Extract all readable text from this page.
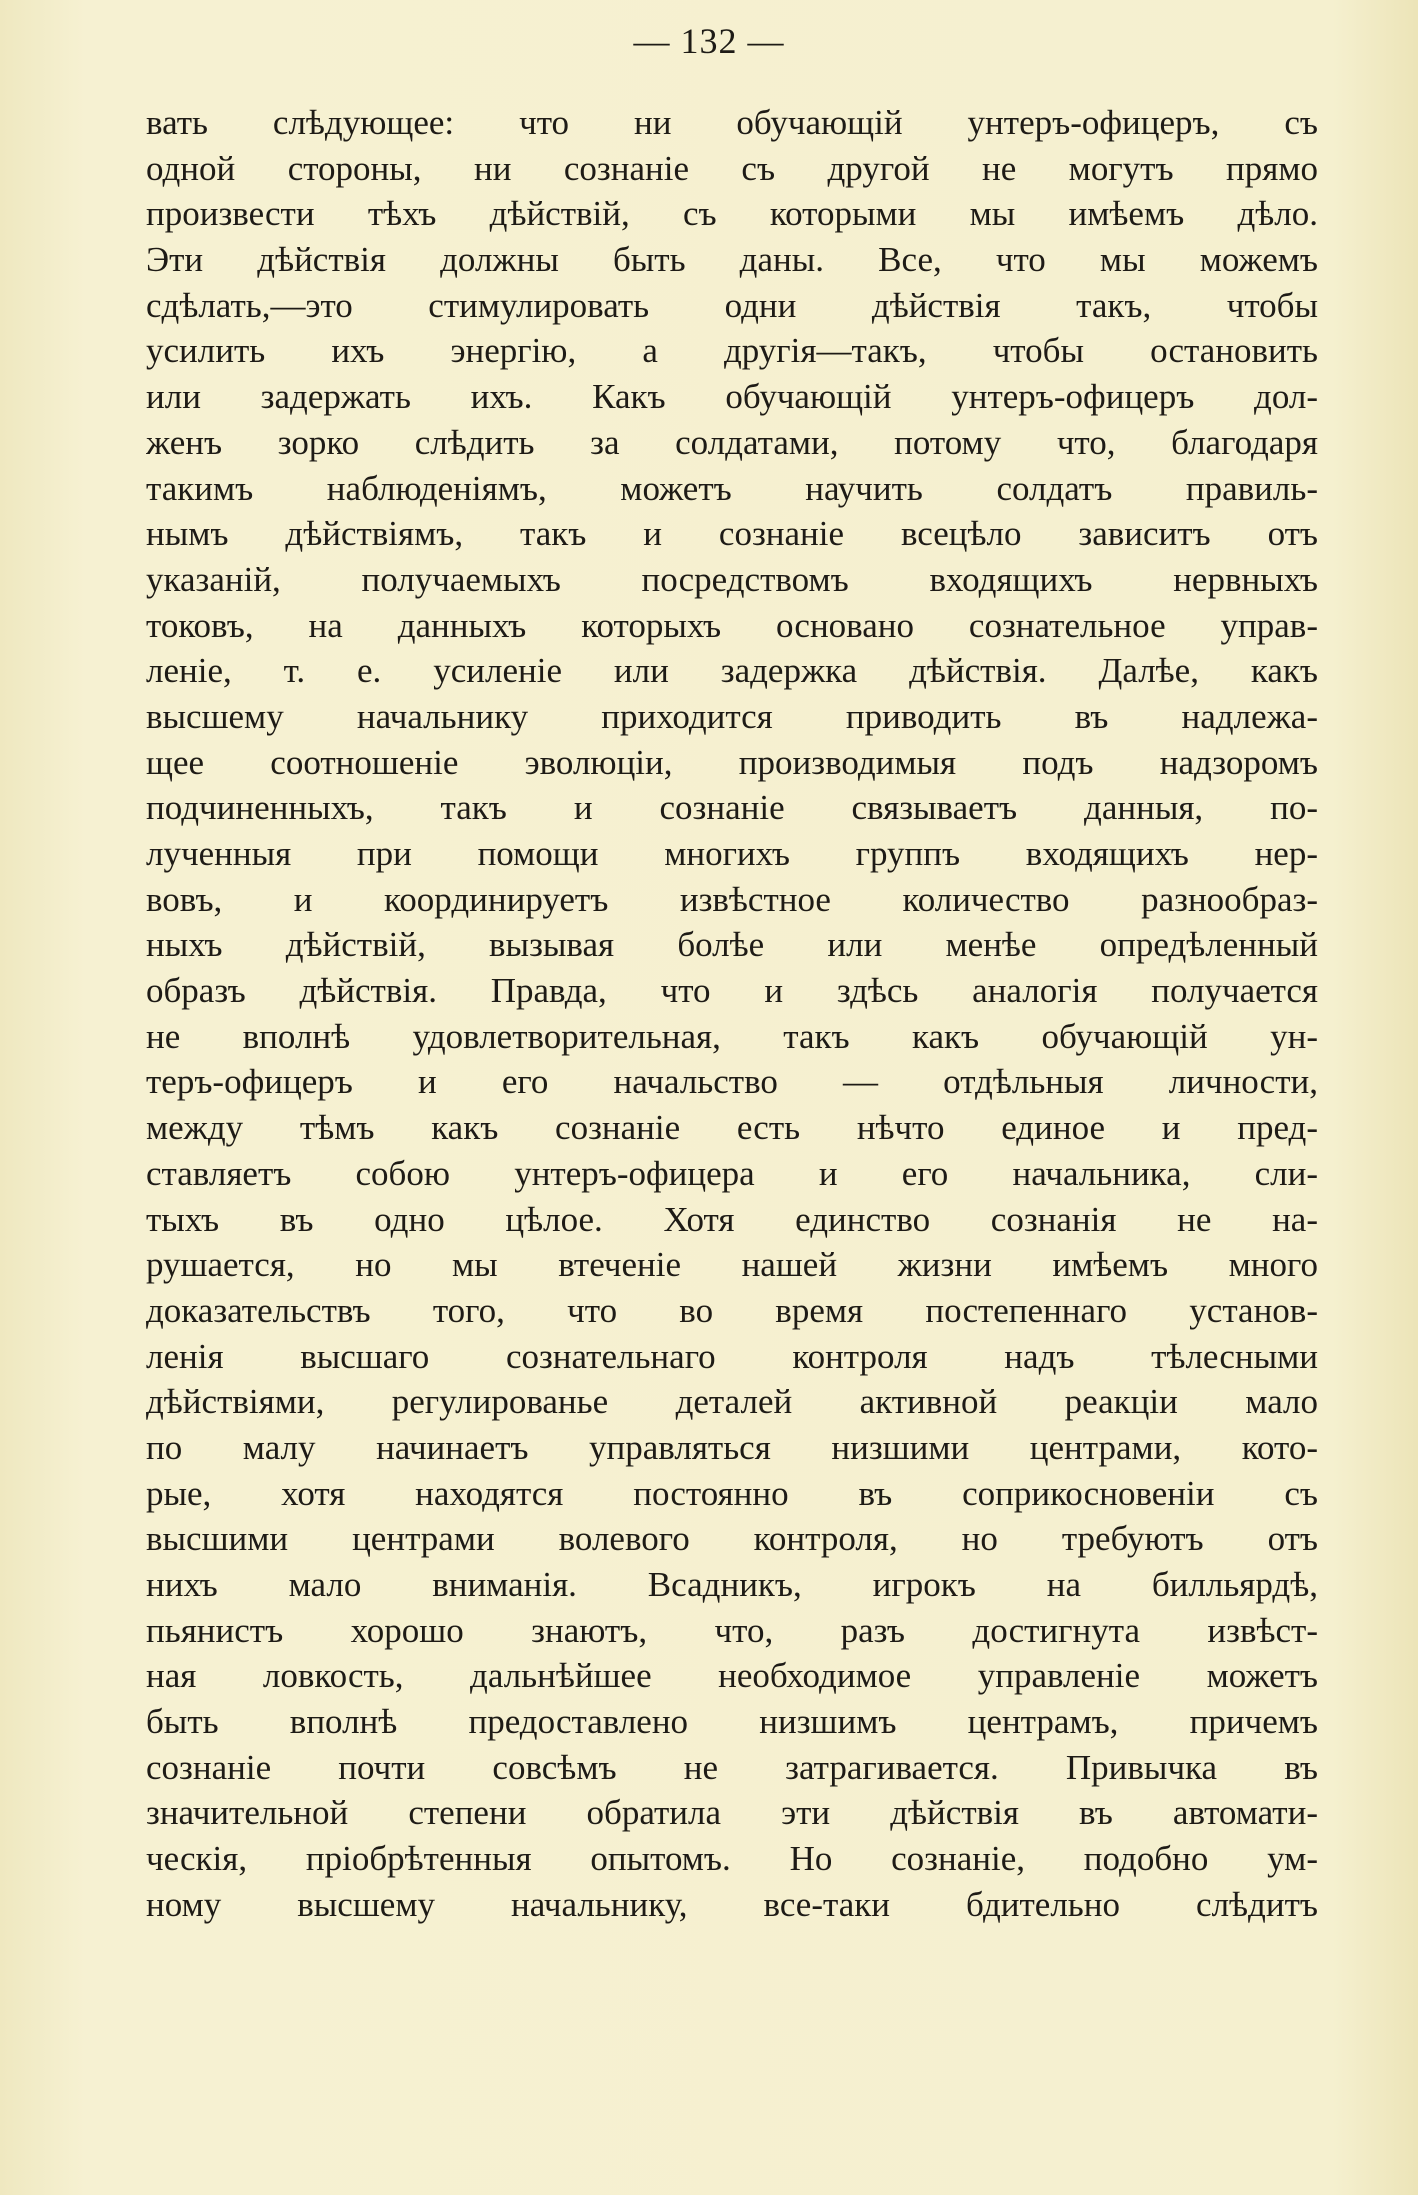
— 132 —
вать слѣдующее: что ни обучающій унтеръ-офицеръ, съ
одной стороны, ни сознаніе съ другой не могутъ прямо
произвести тѣхъ дѣйствій, съ которыми мы имѣемъ дѣло.
Эти дѣйствія должны быть даны. Все, что мы можемъ
сдѣлать,—это стимулировать одни дѣйствія такъ, чтобы
усилить ихъ энергію, а другія—такъ, чтобы остановить
или задержать ихъ. Какъ обучающій унтеръ-офицеръ дол-
женъ зорко слѣдить за солдатами, потому что, благодаря
такимъ наблюденіямъ, можетъ научить солдатъ правиль-
нымъ дѣйствіямъ, такъ и сознаніе всецѣло зависитъ отъ
указаній, получаемыхъ посредствомъ входящихъ нервныхъ
токовъ, на данныхъ которыхъ основано сознательное управ-
леніе, т. е. усиленіе или задержка дѣйствія. Далѣе, какъ
высшему начальнику приходится приводить въ надлежа-
щее соотношеніе эволюціи, производимыя подъ надзоромъ
подчиненныхъ, такъ и сознаніе связываетъ данныя, по-
лученныя при помощи многихъ группъ входящихъ нер-
вовъ, и координируетъ извѣстное количество разнообраз-
ныхъ дѣйствій, вызывая болѣе или менѣе опредѣленный
образъ дѣйствія. Правда, что и здѣсь аналогія получается
не вполнѣ удовлетворительная, такъ какъ обучающій ун-
теръ-офицеръ и его начальство — отдѣльныя личности,
между тѣмъ какъ сознаніе есть нѣчто единое и пред-
ставляетъ собою унтеръ-офицера и его начальника, сли-
тыхъ въ одно цѣлое. Хотя единство сознанія не на-
рушается, но мы втеченіе нашей жизни имѣемъ много
доказательствъ того, что во время постепеннаго установ-
ленія высшаго сознательнаго контроля надъ тѣлесными
дѣйствіями, регулированье деталей активной реакціи мало
по малу начинаетъ управляться низшими центрами, кото-
рые, хотя находятся постоянно въ соприкосновеніи съ
высшими центрами волевого контроля, но требуютъ отъ
нихъ мало вниманія. Всадникъ, игрокъ на билльярдѣ,
пьянистъ хорошо знаютъ, что, разъ достигнута извѣст-
ная ловкость, дальнѣйшее необходимое управленіе можетъ
быть вполнѣ предоставлено низшимъ центрамъ, причемъ
сознаніе почти совсѣмъ не затрагивается. Привычка въ
значительной степени обратила эти дѣйствія въ автомати-
ческія, пріобрѣтенныя опытомъ. Но сознаніе, подобно ум-
ному высшему начальнику, все-таки бдительно слѣдитъ
